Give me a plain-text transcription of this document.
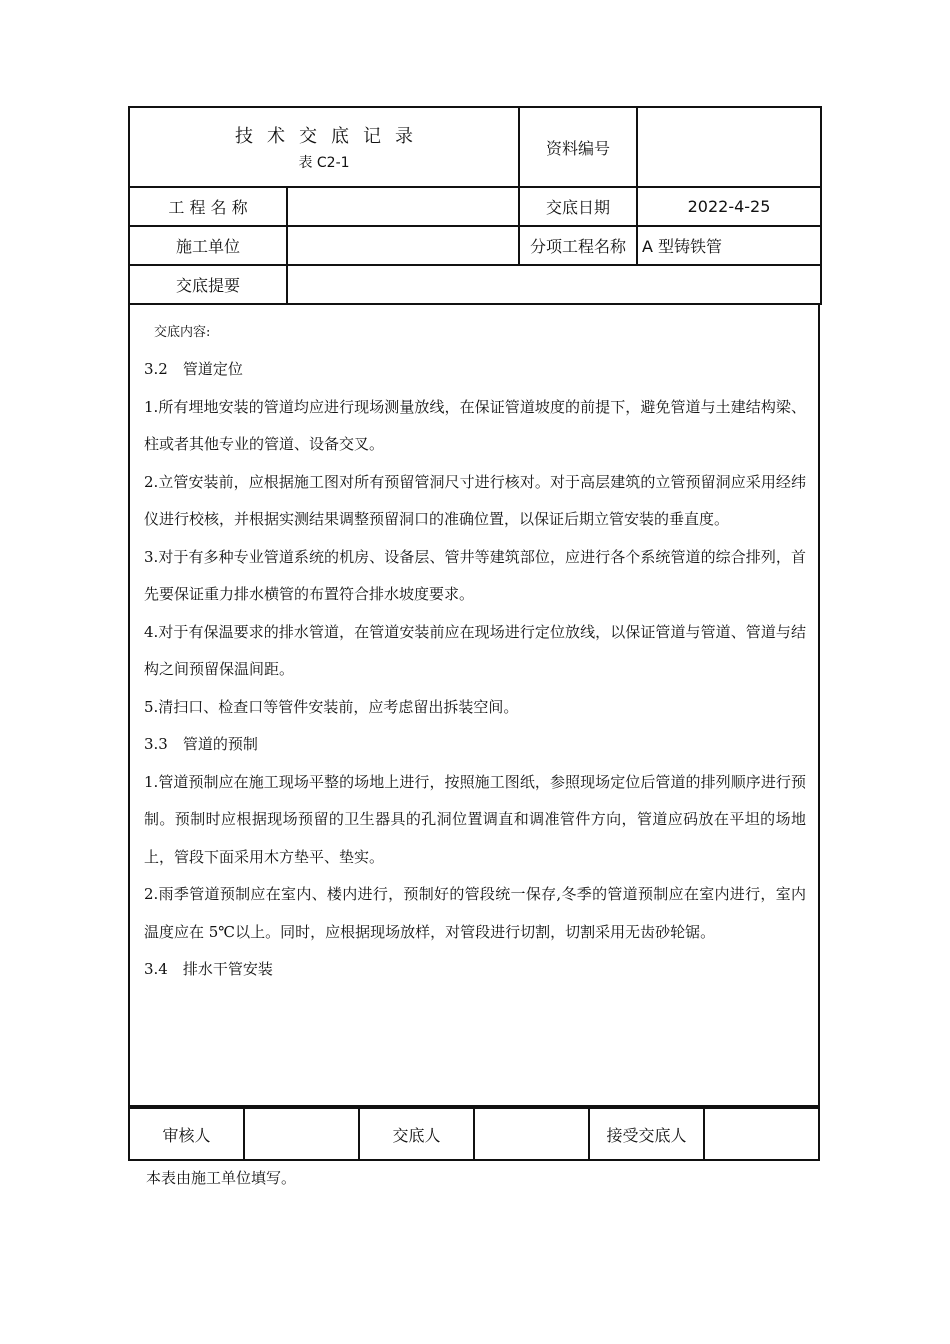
技术交底记录
表 C2-1		资料编号	
工 程 名 称		交底日期	2022-4-25
施工单位		分项工程名称	A 型铸铁管
交底提要			
交底内容:

3.2　管道定位

1.所有埋地安装的管道均应进行现场测量放线，在保证管道坡度的前提下，避免管道与土建结构梁、柱或者其他专业的管道、设备交叉。

2.立管安装前，应根据施工图对所有预留管洞尺寸进行核对。对于高层建筑的立管预留洞应采用经纬仪进行校核，并根据实测结果调整预留洞口的准确位置，以保证后期立管安装的垂直度。

3.对于有多种专业管道系统的机房、设备层、管井等建筑部位，应进行各个系统管道的综合排列，首先要保证重力排水横管的布置符合排水坡度要求。

4.对于有保温要求的排水管道，在管道安装前应在现场进行定位放线，以保证管道与管道、管道与结构之间预留保温间距。

5.清扫口、检查口等管件安装前，应考虑留出拆装空间。

3.3　管道的预制

1.管道预制应在施工现场平整的场地上进行，按照施工图纸，参照现场定位后管道的排列顺序进行预制。预制时应根据现场预留的卫生器具的孔洞位置调直和调准管件方向，管道应码放在平坦的场地上，管段下面采用木方垫平、垫实。

2.雨季管道预制应在室内、楼内进行，预制好的管段统一保存,冬季的管道预制应在室内进行，室内温度应在 5℃以上。同时，应根据现场放样，对管段进行切割，切割采用无齿砂轮锯。

3.4　排水干管安装

审核人		交底人		接受交底人	
本表由施工单位填写。
